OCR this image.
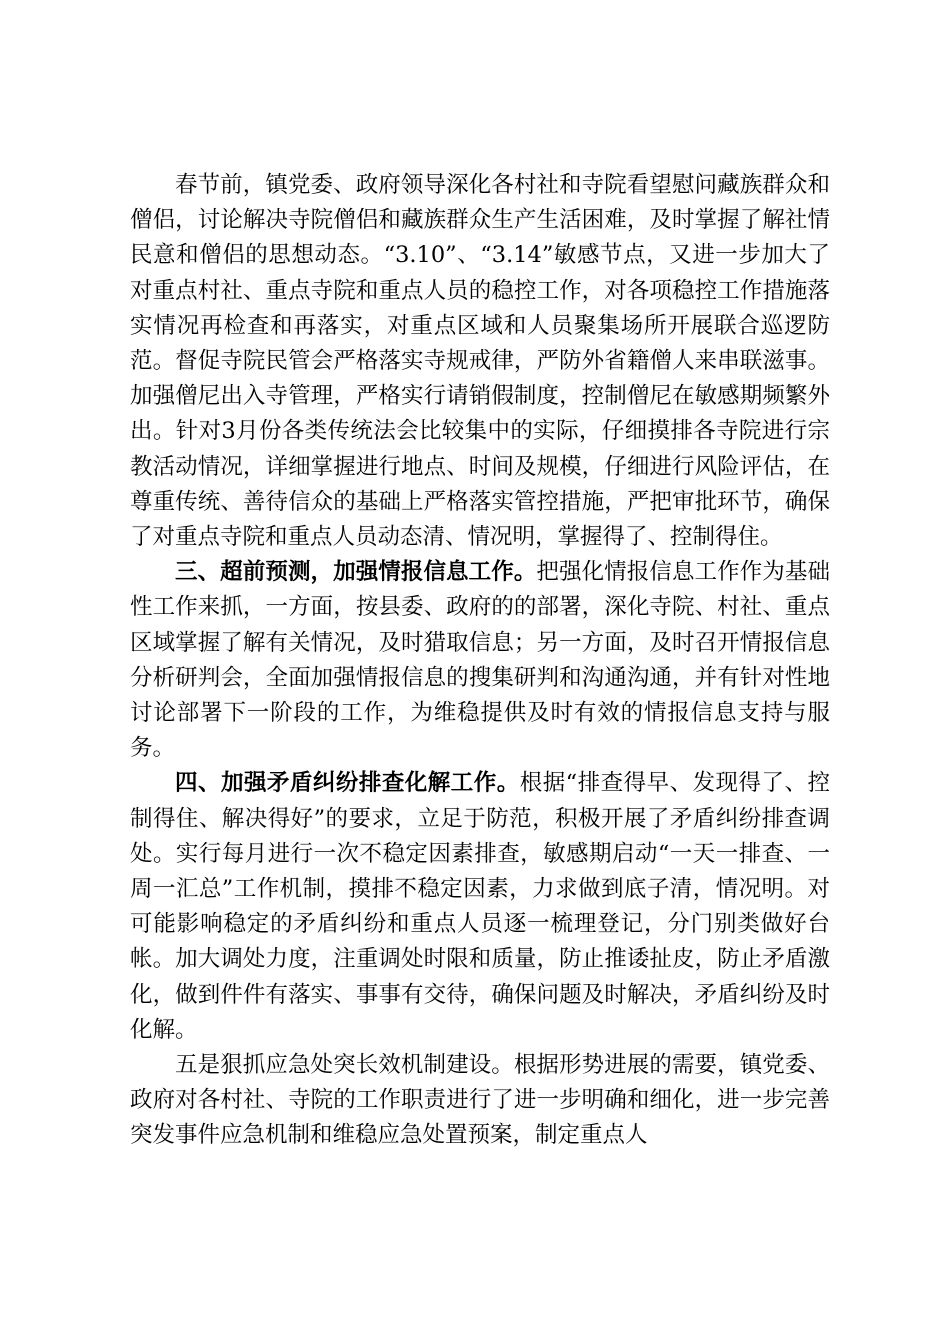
春节前，镇党委、政府领导深化各村社和寺院看望慰问藏族群众和僧侣，讨论解决寺院僧侣和藏族群众生产生活困难，及时掌握了解社情民意和僧侣的思想动态。“3.10”、“3.14”敏感节点，又进一步加大了对重点村社、重点寺院和重点人员的稳控工作，对各项稳控工作措施落实情况再检查和再落实，对重点区域和人员聚集场所开展联合巡逻防范。督促寺院民管会严格落实寺规戒律，严防外省籍僧人来串联滋事。加强僧尼出入寺管理，严格实行请销假制度，控制僧尼在敏感期频繁外出。针对3月份各类传统法会比较集中的实际，仔细摸排各寺院进行宗教活动情况，详细掌握进行地点、时间及规模，仔细进行风险评估，在尊重传统、善待信众的基础上严格落实管控措施，严把审批环节，确保了对重点寺院和重点人员动态清、情况明，掌握得了、控制得住。

三、超前预测，加强情报信息工作。把强化情报信息工作作为基础性工作来抓，一方面，按县委、政府的的部署，深化寺院、村社、重点区域掌握了解有关情况，及时猎取信息；另一方面，及时召开情报信息分析研判会，全面加强情报信息的搜集研判和沟通沟通，并有针对性地讨论部署下一阶段的工作，为维稳提供及时有效的情报信息支持与服务。

四、加强矛盾纠纷排查化解工作。根据“排查得早、发现得了、控制得住、解决得好”的要求，立足于防范，积极开展了矛盾纠纷排查调处。实行每月进行一次不稳定因素排查，敏感期启动“一天一排查、一周一汇总”工作机制，摸排不稳定因素，力求做到底子清，情况明。对可能影响稳定的矛盾纠纷和重点人员逐一梳理登记，分门别类做好台帐。加大调处力度，注重调处时限和质量，防止推诿扯皮，防止矛盾激化，做到件件有落实、事事有交待，确保问题及时解决，矛盾纠纷及时化解。

五是狠抓应急处突长效机制建设。根据形势进展的需要，镇党委、政府对各村社、寺院的工作职责进行了进一步明确和细化，进一步完善突发事件应急机制和维稳应急处置预案，制定重点人
